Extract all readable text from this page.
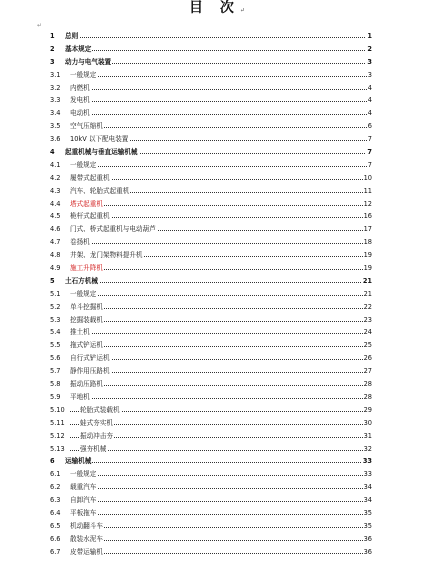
目 次↵
↵
1 总则	1
2 基本规定	2
3 动力与电气装置	3
3.1 一般规定	3
3.2 内燃机	4
3.3 发电机	4
3.4 电动机	4
3.5 空气压缩机	6
3.6 10kV 以下配电装置	7
4 起重机械与垂直运输机械	7
4.1 一般规定	7
4.2 履带式起重机	10
4.3 汽车、轮胎式起重机	11
4.4 塔式起重机	12
4.5 桅杆式起重机	16
4.6 门式、桥式起重机与电动葫芦	17
4.7 卷扬机	18
4.8 井架、龙门架物料提升机	19
4.9 施工升降机	19
5 土石方机械	21
5.1 一般规定	21
5.2 单斗挖掘机	22
5.3 挖掘装载机	23
5.4 推土机	24
5.5 拖式铲运机	25
5.6 自行式铲运机	26
5.7 静作用压路机	27
5.8 振动压路机	28
5.9 平地机	28
5.10 轮胎式装载机	29
5.11 蛙式夯实机	30
5.12 振动冲击夯	31
5.13 强夯机械	32
6 运输机械	33
6.1 一般规定	33
6.2 载重汽车	34
6.3 自卸汽车	34
6.4 平板拖车	35
6.5 机动翻斗车	35
6.6 散装水泥车	36
6.7 皮带运输机	36
